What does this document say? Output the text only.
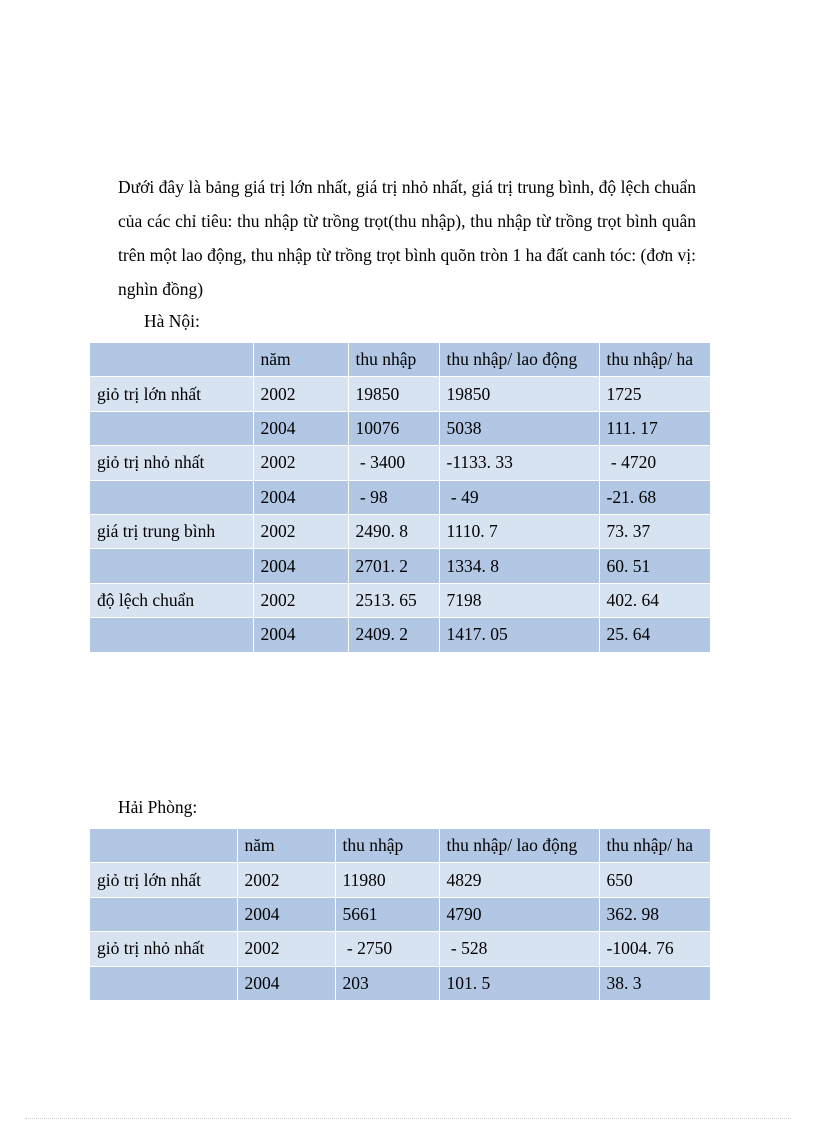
Dưới đây là bảng giá trị lớn nhất, giá trị nhỏ nhất, giá trị trung bình, độ lệch chuẩn của các chỉ tiêu: thu nhập từ trồng trọt(thu nhập), thu nhập từ trồng trọt bình quân trên một lao động, thu nhập từ trồng trọt bình quõn tròn 1 ha đất canh tóc: (đơn vị: nghìn đồng)

Hà Nội:

	năm	thu nhập	thu nhập/ lao động	thu nhập/ ha
giỏ trị lớn nhất	2002	19850	19850	1725
	2004	10076	5038	111. 17
giỏ trị nhỏ nhất	2002	- 3400	-1133. 33	- 4720
	2004	- 98	- 49	-21. 68
giá trị trung bình	2002	2490. 8	1110. 7	73. 37
	2004	2701. 2	1334. 8	60. 51
độ lệch chuẩn	2002	2513. 65	7198	402. 64
	2004	2409. 2	1417. 05	25. 64

Hải Phòng:

	năm	thu nhập	thu nhập/ lao động	thu nhập/ ha
giỏ trị lớn nhất	2002	11980	4829	650
	2004	5661	4790	362. 98
giỏ trị nhỏ nhất	2002	- 2750	- 528	-1004. 76
	2004	203	101. 5	38. 3
